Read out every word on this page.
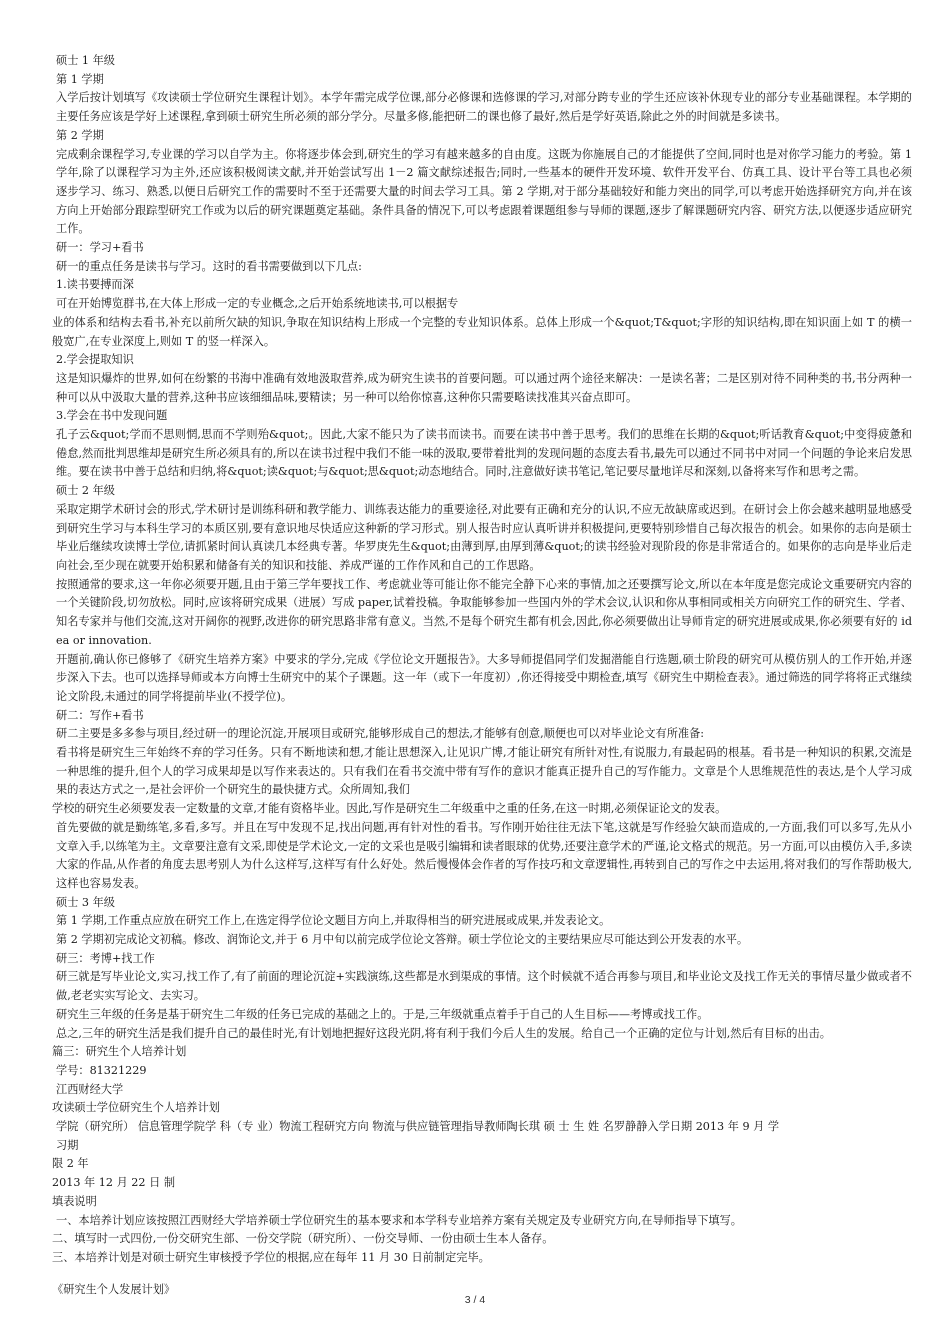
硕士 1 年级

第 1 学期

入学后按计划填写《攻读硕士学位研究生课程计划》。本学年需完成学位课,部分必修课和选修课的学习,对部分跨专业的学生还应该补休现专业的部分专业基础课程。本学期的主要任务应该是学好上述课程,拿到硕士研究生所必须的部分学分。尽量多修,能把研二的课也修了最好,然后是学好英语,除此之外的时间就是多读书。

第 2 学期

完成剩余课程学习,专业课的学习以自学为主。你将逐步体会到,研究生的学习有越来越多的自由度。这既为你施展自己的才能提供了空间,同时也是对你学习能力的考验。第 1 学年,除了以课程学习为主外,还应该积极阅读文献,并开始尝试写出 1－2 篇文献综述报告;同时,一些基本的硬件开发环境、软件开发平台、仿真工具、设计平台等工具也必须逐步学习、练习、熟悉,以便日后研究工作的需要时不至于还需要大量的时间去学习工具。第 2 学期,对于部分基础较好和能力突出的同学,可以考虑开始选择研究方向,并在该方向上开始部分跟踪型研究工作或为以后的研究课题奠定基础。条件具备的情况下,可以考虑跟着课题组参与导师的课题,逐步了解课题研究内容、研究方法,以便逐步适应研究工作。

研一：学习+看书

研一的重点任务是读书与学习。这时的看书需要做到以下几点:

1.读书要搏而深

可在开始博览群书,在大体上形成一定的专业概念,之后开始系统地读书,可以根据专

业的体系和结构去看书,补充以前所欠缺的知识,争取在知识结构上形成一个完整的专业知识体系。总体上形成一个&quot;T&quot;字形的知识结构,即在知识面上如 T 的横一般宽广,在专业深度上,则如 T 的竖一样深入。

2.学会提取知识

这是知识爆炸的世界,如何在纷繁的书海中准确有效地汲取营养,成为研究生读书的首要问题。可以通过两个途径来解决：一是读名著；二是区别对待不同种类的书,书分两种一种可以从中汲取大量的营养,这种书应该细细品味,要精读；另一种可以给你惊喜,这种你只需要略读找准其兴奋点即可。

3.学会在书中发现问题

孔子云&quot;学而不思则惘,思而不学则殆&quot;。因此,大家不能只为了读书而读书。而要在读书中善于思考。我们的思维在长期的&quot;听话教育&quot;中变得疲惫和倦怠,然而批判思维却是研究生所必须具有的,所以在读书过程中我们不能一味的汲取,要带着批判的发现问题的态度去看书,最先可以通过不同书中对同一个问题的争论来启发思维。要在读书中善于总结和归纳,将&quot;读&quot;与&quot;思&quot;动态地结合。同时,注意做好读书笔记,笔记要尽量地详尽和深刻,以备将来写作和思考之需。

硕士 2 年级

采取定期学术研讨会的形式,学术研讨是训练科研和教学能力、训练表达能力的重要途径,对此要有正确和充分的认识,不应无故缺席或迟到。在研讨会上你会越来越明显地感受到研究生学习与本科生学习的本质区别,要有意识地尽快适应这种新的学习形式。别人报告时应认真听讲并积极提问,更要特别珍惜自己每次报告的机会。如果你的志向是硕士毕业后继续攻读博士学位,请抓紧时间认真读几本经典专著。华罗庚先生&quot;由薄到厚,由厚到薄&quot;的读书经验对现阶段的你是非常适合的。如果你的志向是毕业后走向社会,至少现在就要开始积累和储备有关的知识和技能、养成严谨的工作作风和自己的工作思路。

按照通常的要求,这一年你必须要开题,且由于第三学年要找工作、考虑就业等可能让你不能完全静下心来的事情,加之还要撰写论文,所以在本年度是您完成论文重要研究内容的一个关键阶段,切勿放松。同时,应该将研究成果（进展）写成 paper,试着投稿。争取能够参加一些国内外的学术会议,认识和你从事相同或相关方向研究工作的研究生、学者、知名专家并与他们交流,这对开阔你的视野,改进你的研究思路非常有意义。当然,不是每个研究生都有机会,因此,你必须要做出让导师肯定的研究进展或成果,你必须要有好的 idea or innovation.

开题前,确认你已修够了《研究生培养方案》中要求的学分,完成《学位论文开题报告》。大多导师提倡同学们发掘潜能自行选题,硕士阶段的研究可从模仿别人的工作开始,并逐步深入下去。也可以选择导师或本方向博士生研究中的某个子课题。这一年（或下一年度初）,你还得接受中期检查,填写《研究生中期检查表》。通过筛选的同学将将正式继续论文阶段,未通过的同学将提前毕业(不授学位)。

研二：写作+看书

研二主要是多多参与项目,经过研一的理论沉淀,开展项目或研究,能够形成自己的想法,才能够有创意,顺便也可以对毕业论文有所准备:

看书将是研究生三年始终不弃的学习任务。只有不断地读和想,才能让思想深入,让见识广博,才能让研究有所针对性,有说服力,有最起码的根基。看书是一种知识的积累,交流是一种思维的提升,但个人的学习成果却是以写作来表达的。只有我们在看书交流中带有写作的意识才能真正提升自己的写作能力。文章是个人思维规范性的表达,是个人学习成果的表达方式之一,是社会评价一个研究生的最快捷方式。众所周知,我们

学校的研究生必须要发表一定数量的文章,才能有资格毕业。因此,写作是研究生二年级重中之重的任务,在这一时期,必须保证论文的发表。

首先要做的就是勤练笔,多看,多写。并且在写中发现不足,找出问题,再有针对性的看书。写作刚开始往往无法下笔,这就是写作经验欠缺而造成的,一方面,我们可以多写,先从小文章入手,以练笔为主。文章要注意有文采,即使是学术论文,一定的文采也是吸引编辑和读者眼球的优势,还要注意学术的严谨,论文格式的规范。另一方面,可以由模仿入手,多读大家的作品,从作者的角度去思考别人为什么这样写,这样写有什么好处。然后慢慢体会作者的写作技巧和文章逻辑性,再转到自己的写作之中去运用,将对我们的写作帮助极大,这样也容易发表。

硕士 3 年级

第 1 学期,工作重点应放在研究工作上,在选定得学位论文题目方向上,并取得相当的研究进展或成果,并发表论文。

第 2 学期初完成论文初稿。修改、润饰论文,并于 6 月中旬以前完成学位论文答辩。硕士学位论文的主要结果应尽可能达到公开发表的水平。

研三：考博+找工作

研三就是写毕业论文,实习,找工作了,有了前面的理论沉淀+实践演练,这些都是水到渠成的事情。这个时候就不适合再参与项目,和毕业论文及找工作无关的事情尽量少做或者不做,老老实实写论文、去实习。

研究生三年级的任务是基于研究生二年级的任务已完成的基础之上的。于是,三年级就重点着手于自己的人生目标——考博或找工作。

总之,三年的研究生活是我们提升自己的最佳时光,有计划地把握好这段光阴,将有利于我们今后人生的发展。给自己一个正确的定位与计划,然后有目标的出击。

篇三：研究生个人培养计划

学号：81321229

江西财经大学

攻读硕士学位研究生个人培养计划

学院（研究所） 信息管理学院学 科（专 业）物流工程研究方向 物流与供应链管理指导教师陶长琪 硕 士 生 姓 名罗静静入学日期 2013 年 9 月 学

习期

限 2 年

2013 年 12 月 22 日 制

填表说明

一、本培养计划应该按照江西财经大学培养硕士学位研究生的基本要求和本学科专业培养方案有关规定及专业研究方向,在导师指导下填写。

二、填写时一式四份,一份交研究生部、一份交学院（研究所）、一份交导师、一份由硕士生本人备存。

三、本培养计划是对硕士研究生审核授予学位的根据,应在每年 11 月 30 日前制定完毕。

《研究生个人发展计划》

3 / 4
